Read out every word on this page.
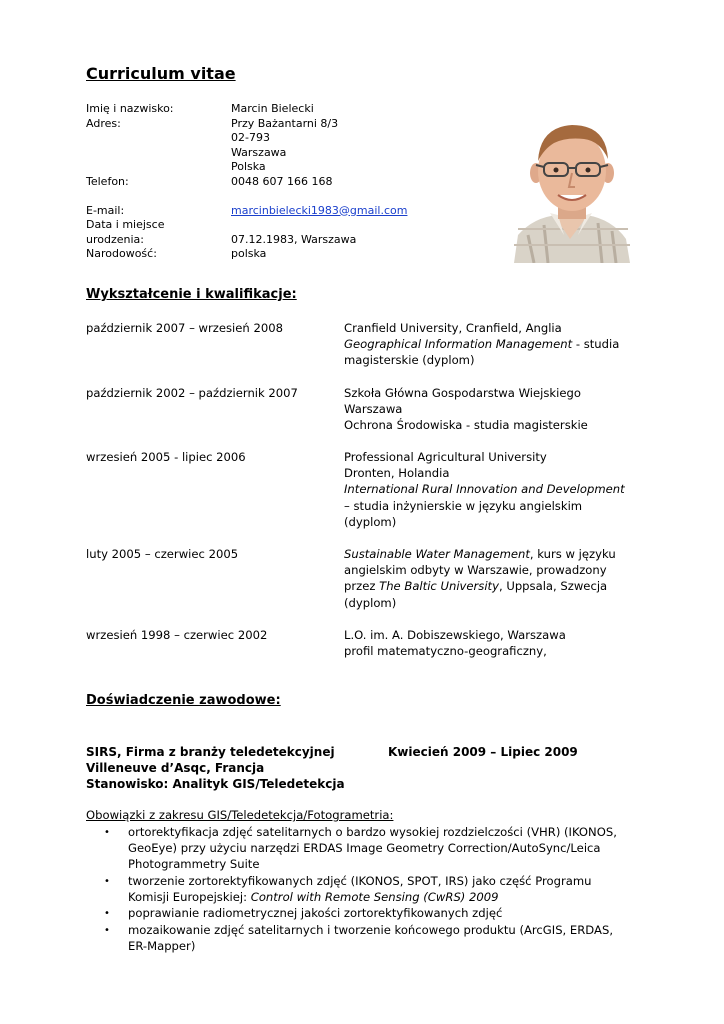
Curriculum vitae
Imię i nazwisko:	Marcin Bielecki
Adres:	Przy Bażantarni 8/3
02-793
Warszawa
Polska
Telefon:	0048 607 166 168
E-mail:	marcinbielecki1983@gmail.com
Data i miejsce
urodzenia:
	07.12.1983, Warszawa
Narodowość:	polska
Wykształcenie i kwalifikacje:
październik 2007 – wrzesień 2008	Cranfield University, Cranfield, Anglia
Geographical Information Management - studia
magisterskie (dyplom)
październik 2002 – październik 2007	Szkoła Główna Gospodarstwa Wiejskiego
Warszawa
Ochrona Środowiska - studia magisterskie
wrzesień 2005 - lipiec 2006	Professional Agricultural University
Dronten, Holandia
International Rural Innovation and Development
– studia inżynierskie w języku angielskim
(dyplom)
luty 2005 – czerwiec 2005	Sustainable Water Management, kurs w języku
angielskim odbyty w Warszawie, prowadzony
przez The Baltic University, Uppsala, Szwecja
(dyplom)
wrzesień 1998 – czerwiec 2002	L.O. im. A. Dobiszewskiego, Warszawa
profil matematyczno-geograficzny,
Doświadczenie zawodowe:
SIRS, Firma z branży teledetekcyjnej	Kwiecień 2009 – Lipiec 2009
Villeneuve d’Asqc, Francja
Stanowisko: Analityk GIS/Teledetekcja
Obowiązki z zakresu GIS/Teledetekcja/Fotogrametria:
•	ortorektyfikacja zdjęć satelitarnych o bardzo wysokiej rozdzielczości (VHR) (IKONOS,
GeoEye) przy użyciu narzędzi ERDAS Image Geometry Correction/AutoSync/Leica
Photogrammetry Suite
•	tworzenie zortorektyfikowanych zdjęć (IKONOS, SPOT, IRS) jako część Programu
Komisji Europejskiej: Control with Remote Sensing (CwRS) 2009
•	poprawianie radiometrycznej jakości zortorektyfikowanych zdjęć
•	mozaikowanie zdjęć satelitarnych i tworzenie końcowego produktu (ArcGIS, ERDAS,
ER-Mapper)
